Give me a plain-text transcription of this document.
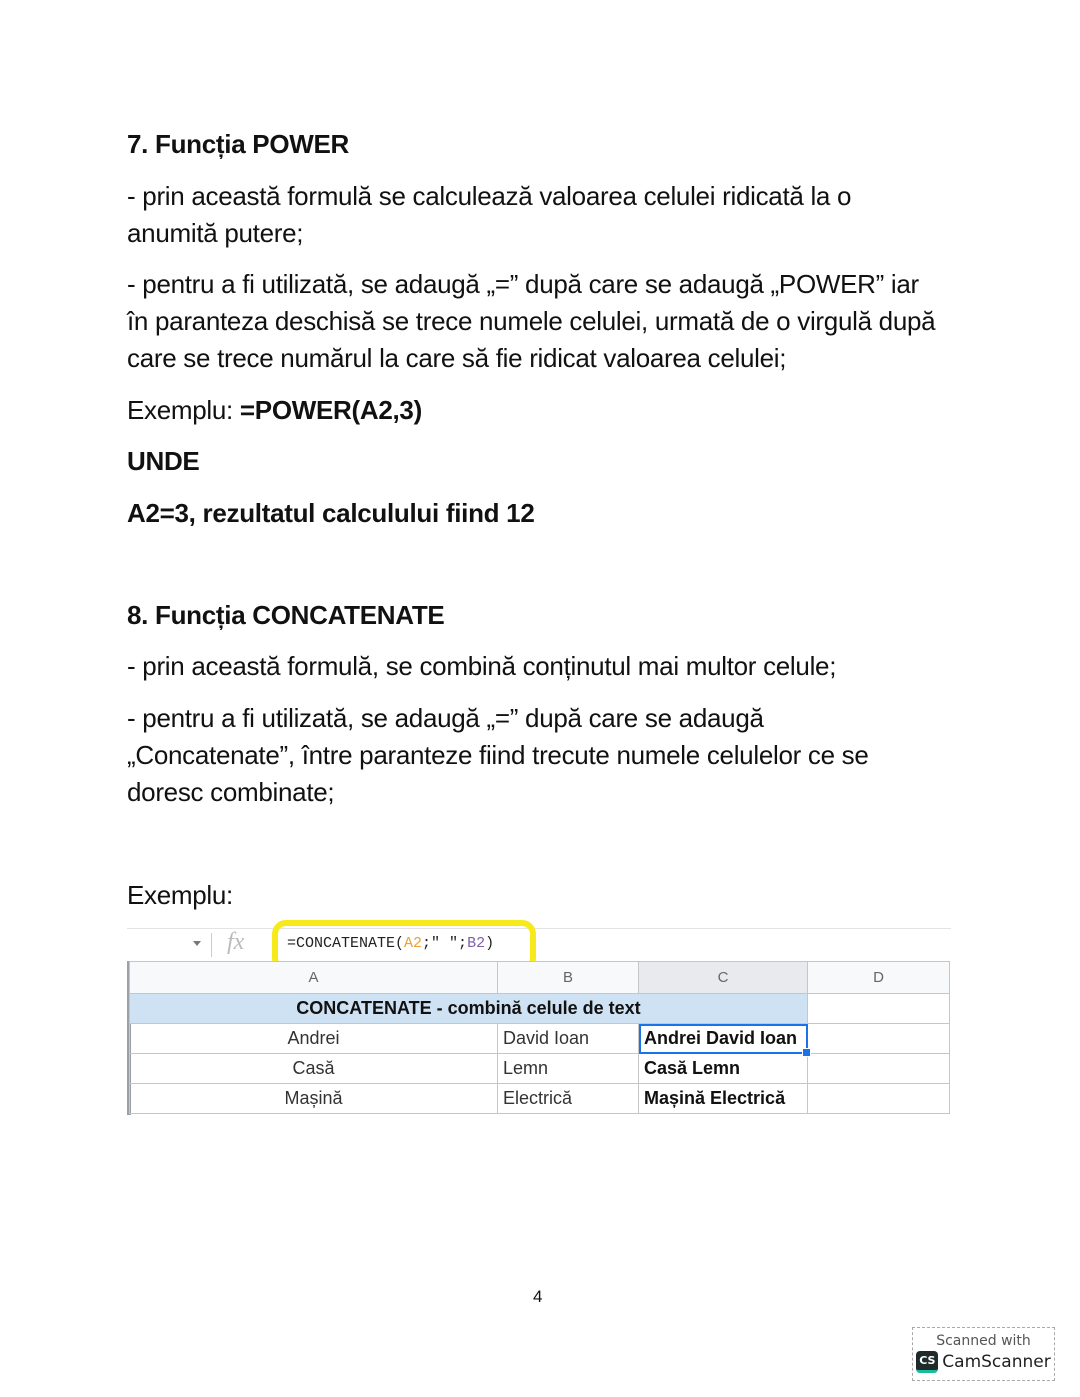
7. Funcția POWER
- prin această formulă se calculează valoarea celulei ridicată la o
anumită putere;
- pentru a fi utilizată, se adaugă „=” după care se adaugă „POWER” iar
în paranteza deschisă se trece numele celulei, urmată de o virgulă după
care se trece numărul la care să fie ridicat valoarea celulei;
Exemplu: =POWER(A2,3)
UNDE
A2=3, rezultatul calculului fiind 12
8. Funcția CONCATENATE
- prin această formulă, se combină conținutul mai multor celule;
- pentru a fi utilizată, se adaugă „=” după care se adaugă
„Concatenate”, între paranteze fiind trecute numele celulelor ce se
doresc combinate;
Exemplu:
fx	=CONCATENATE(A2;" ";B2)
A	B	C	D
CONCATENATE - combină celule de text			
Andrei	David Ioan	Andrei David Ioan

Casă	Lemn	Casă Lemn	
Mașină	Electrică	Mașină Electrică	
4
Scanned with
CS CamScanner
